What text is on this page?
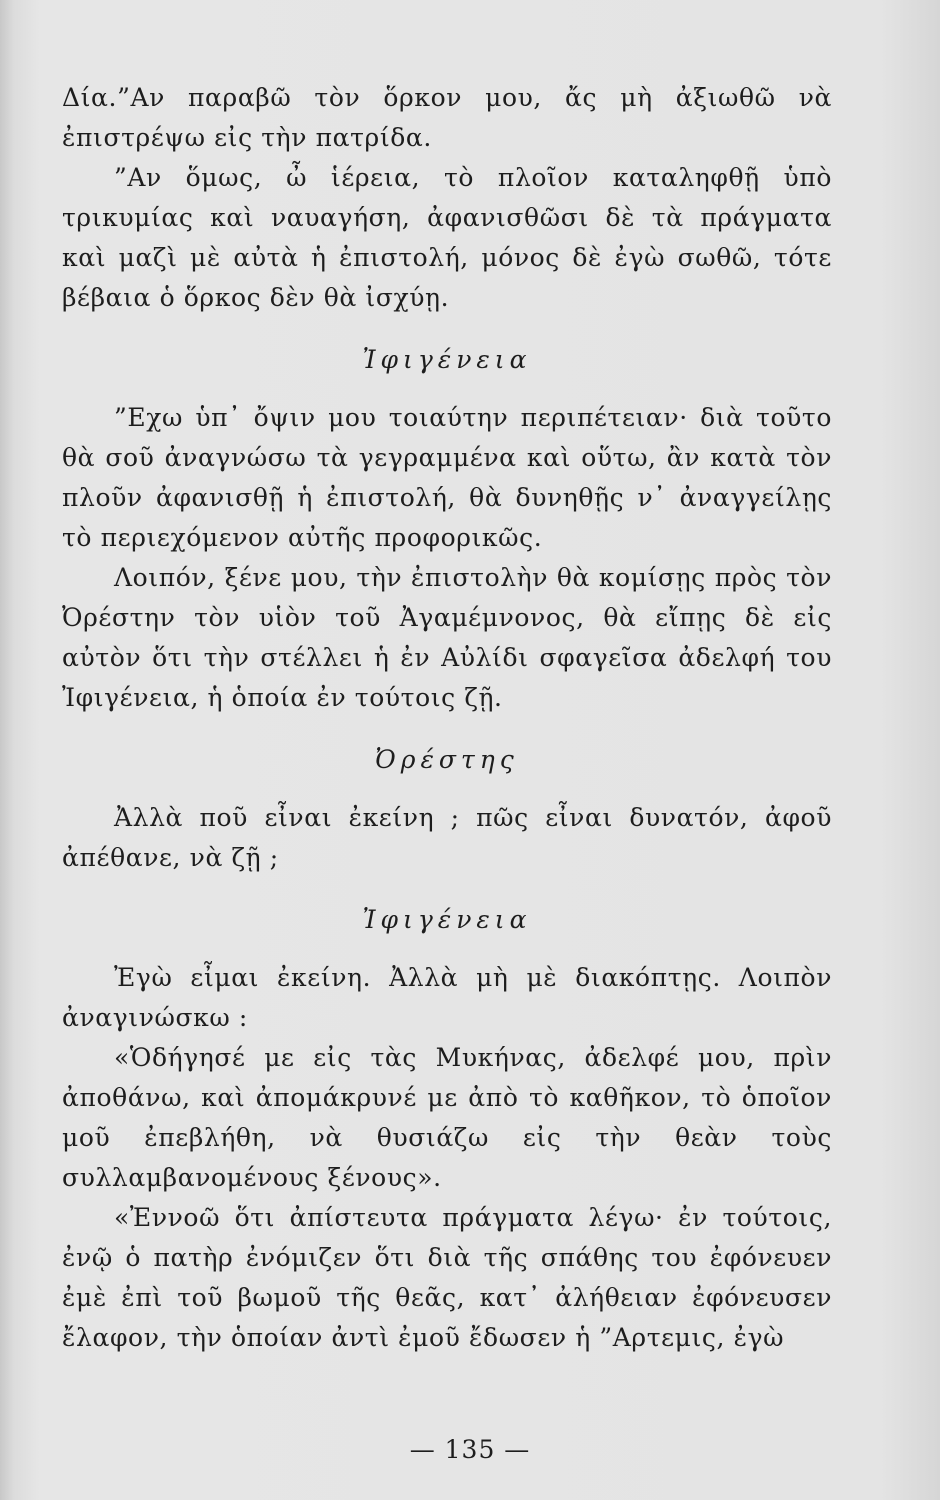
Δία.”Αν παραβῶ τὸν ὅρκον μου, ἄς μὴ ἀξιωθῶ νὰ ἐπιστρέψω εἰς τὴν πατρίδα.

”Αν ὅμως, ὦ ἱέρεια, τὸ πλοῖον καταληφθῇ ὑπὸ τρικυμίας καὶ ναυαγήση, ἀφανισθῶσι δὲ τὰ πράγματα καὶ μαζὶ μὲ αὐτὰ ἡ ἐπιστολή, μόνος δὲ ἐγὼ σωθῶ, τότε βέβαια ὁ ὅρκος δὲν θὰ ἰσχύῃ.

Ἰφιγένεια

”Εχω ὑπ᾽ ὄψιν μου τοιαύτην περιπέτειαν· διὰ τοῦτο θὰ σοῦ ἀναγνώσω τὰ γεγραμμένα καὶ οὕτω, ἂν κατὰ τὸν πλοῦν ἀφανισθῇ ἡ ἐπιστολή, θὰ δυνηθῇς ν᾽ ἀναγγείλῃς τὸ περιεχόμενον αὐτῆς προφορικῶς.

Λοιπόν, ξένε μου, τὴν ἐπιστολὴν θὰ κομίσῃς πρὸς τὸν Ὀρέστην τὸν υἱὸν τοῦ Ἀγαμέμνονος, θὰ εἴπῃς δὲ εἰς αὐτὸν ὅτι τὴν στέλλει ἡ ἐν Αὐλίδι σφαγεῖσα ἀδελφή του Ἰφιγένεια, ἡ ὁποία ἐν τούτοις ζῇ.

Ὀρέστης

Ἀλλὰ ποῦ εἶναι ἐκείνη ; πῶς εἶναι δυνατόν, ἀφοῦ ἀπέθανε, νὰ ζῇ ;

Ἰφιγένεια

Ἐγὼ εἶμαι ἐκείνη. Ἀλλὰ μὴ μὲ διακόπτῃς. Λοιπὸν ἀναγινώσκω :

«Ὁδήγησέ με εἰς τὰς Μυκήνας, ἀδελφέ μου, πρὶν ἀποθάνω, καὶ ἀπομάκρυνέ με ἀπὸ τὸ καθῆκον, τὸ ὁποῖον μοῦ ἐπεβλήθη, νὰ θυσιάζω εἰς τὴν θεὰν τοὺς συλλαμβανομένους ξένους».

«Ἐννοῶ ὅτι ἀπίστευτα πράγματα λέγω· ἐν τούτοις, ἐνῷ ὁ πατὴρ ἐνόμιζεν ὅτι διὰ τῆς σπάθης του ἐφόνευεν ἐμὲ ἐπὶ τοῦ βωμοῦ τῆς θεᾶς, κατ᾽ ἀλήθειαν ἐφόνευσεν ἔλαφον, τὴν ὁποίαν ἀντὶ ἐμοῦ ἔδωσεν ἡ ”Αρτεμις, ἐγὼ

— 135 —
